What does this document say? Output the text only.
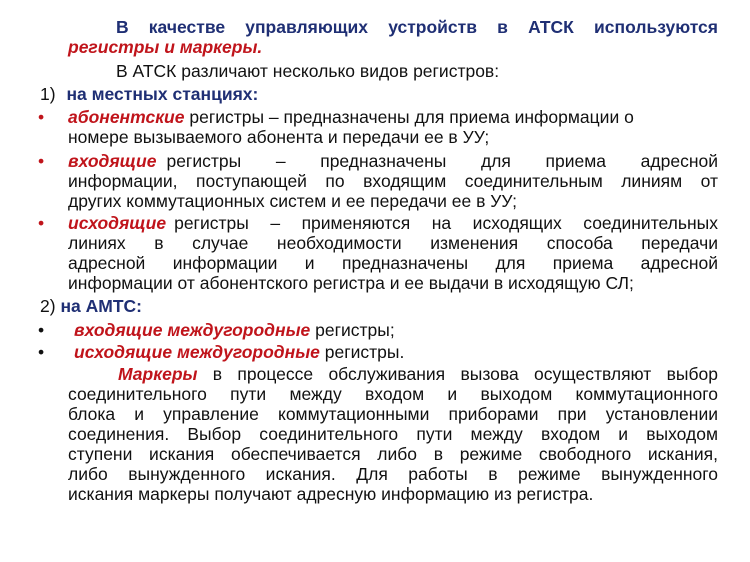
В качестве управляющих устройств в АТСК используются
регистры и маркеры.
В АТСК различают несколько видов регистров:
1) на местных станциях:
•	абонентские регистры – предназначены для приема информации о
номере вызываемого абонента и передачи ее в УУ;
•	входящие регистры – предназначены для приема адресной
информации, поступающей по входящим соединительным линиям от
других коммутационных систем и ее передачи ее в УУ;
•	исходящие регистры – применяются на исходящих соединительных
линиях в случае необходимости изменения способа передачи
адресной информации и предназначены для приема адресной
информации от абонентского регистра и ее выдачи в исходящую СЛ;
2) на АМТС:
•	входящие междугородные регистры;
•	исходящие междугородные регистры.
Маркеры в процессе обслуживания вызова осуществляют выбор
соединительного пути между входом и выходом коммутационного
блока и управление коммутационными приборами при установлении
соединения. Выбор соединительного пути между входом и выходом
ступени искания обеспечивается либо в режиме свободного искания,
либо вынужденного искания. Для работы в режиме вынужденного
искания маркеры получают адресную информацию из регистра.
